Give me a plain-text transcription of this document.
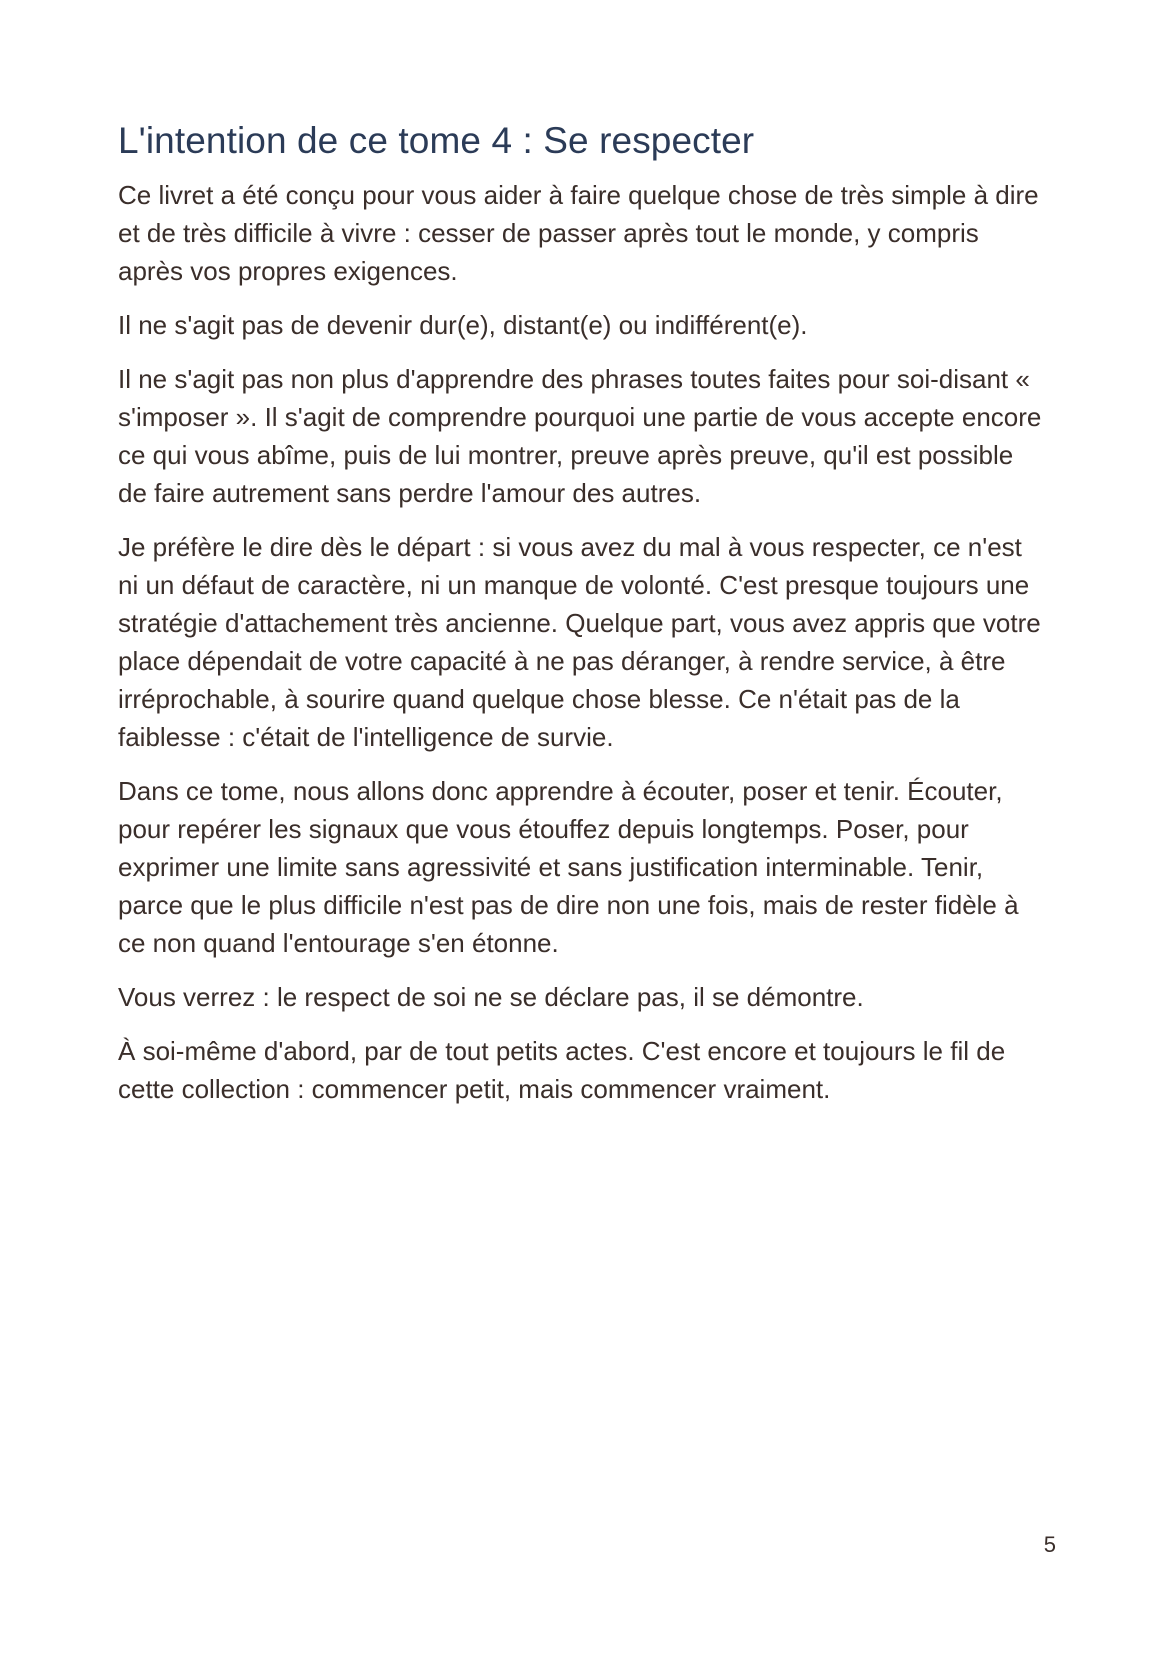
L'intention de ce tome 4 : Se respecter

Ce livret a été conçu pour vous aider à faire quelque chose de très simple à dire et de très difficile à vivre : cesser de passer après tout le monde, y compris après vos propres exigences.

Il ne s'agit pas de devenir dur(e), distant(e) ou indifférent(e).

Il ne s'agit pas non plus d'apprendre des phrases toutes faites pour soi-disant « s'imposer ». Il s'agit de comprendre pourquoi une partie de vous accepte encore ce qui vous abîme, puis de lui montrer, preuve après preuve, qu'il est possible de faire autrement sans perdre l'amour des autres.

Je préfère le dire dès le départ : si vous avez du mal à vous respecter, ce n'est ni un défaut de caractère, ni un manque de volonté. C'est presque toujours une stratégie d'attachement très ancienne. Quelque part, vous avez appris que votre place dépendait de votre capacité à ne pas déranger, à rendre service, à être irréprochable, à sourire quand quelque chose blesse. Ce n'était pas de la faiblesse : c'était de l'intelligence de survie.

Dans ce tome, nous allons donc apprendre à écouter, poser et tenir. Écouter, pour repérer les signaux que vous étouffez depuis longtemps. Poser, pour exprimer une limite sans agressivité et sans justification interminable. Tenir, parce que le plus difficile n'est pas de dire non une fois, mais de rester fidèle à ce non quand l'entourage s'en étonne.

Vous verrez : le respect de soi ne se déclare pas, il se démontre.

À soi-même d'abord, par de tout petits actes. C'est encore et toujours le fil de cette collection : commencer petit, mais commencer vraiment.

5
